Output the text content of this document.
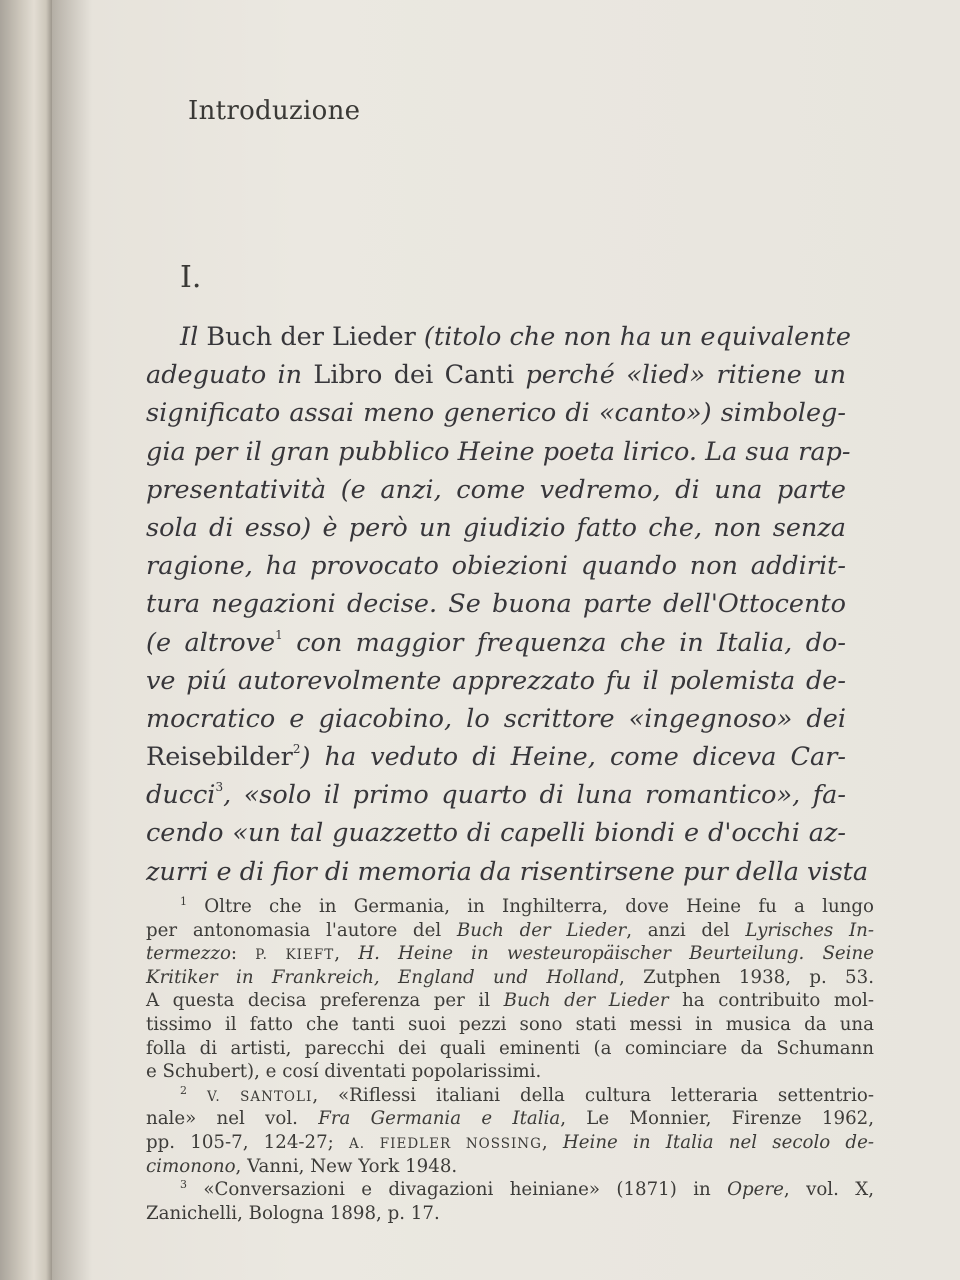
Introduzione
I.
Il Buch der Lieder (titolo che non ha un equivalente
adeguato in Libro dei Canti perché «lied» ritiene un
significato assai meno generico di «canto») simboleg-
gia per il gran pubblico Heine poeta lirico. La sua rap-
presentatività (e anzi, come vedremo, di una parte
sola di esso) è però un giudizio fatto che, non senza
ragione, ha provocato obiezioni quando non addirit-
tura negazioni decise. Se buona parte dell'Ottocento
(e altrove$^1$ con maggior frequenza che in Italia, do-
ve piú autorevolmente apprezzato fu il polemista de-
mocratico e giacobino, lo scrittore «ingegnoso» dei
Reisebilder$^2$) ha veduto di Heine, come diceva Car-
ducci$^3$, «solo il primo quarto di luna romantico», fa-
cendo «un tal guazzetto di capelli biondi e d'occhi az-
zurri e di fior di memoria da risentirsene pur della vista
$^1$ Oltre che in Germania, in Inghilterra, dove Heine fu a lungo
per antonomasia l'autore del Buch der Lieder, anzi del Lyrisches In-
termezzo: P. KIEFT, H. Heine in westeuropäischer Beurteilung. Seine
Kritiker in Frankreich, England und Holland, Zutphen 1938, p. 53.
A questa decisa preferenza per il Buch der Lieder ha contribuito mol-
tissimo il fatto che tanti suoi pezzi sono stati messi in musica da una
folla di artisti, parecchi dei quali eminenti (a cominciare da Schumann
e Schubert), e cosí diventati popolarissimi.
$^2$ V. SANTOLI, «Riflessi italiani della cultura letteraria settentrio-
nale» nel vol. Fra Germania e Italia, Le Monnier, Firenze 1962,
pp. 105-7, 124-27; A. FIEDLER NOSSING, Heine in Italia nel secolo de-
cimonono, Vanni, New York 1948.
$^3$ «Conversazioni e divagazioni heiniane» (1871) in Opere, vol. X,
Zanichelli, Bologna 1898, p. 17.
